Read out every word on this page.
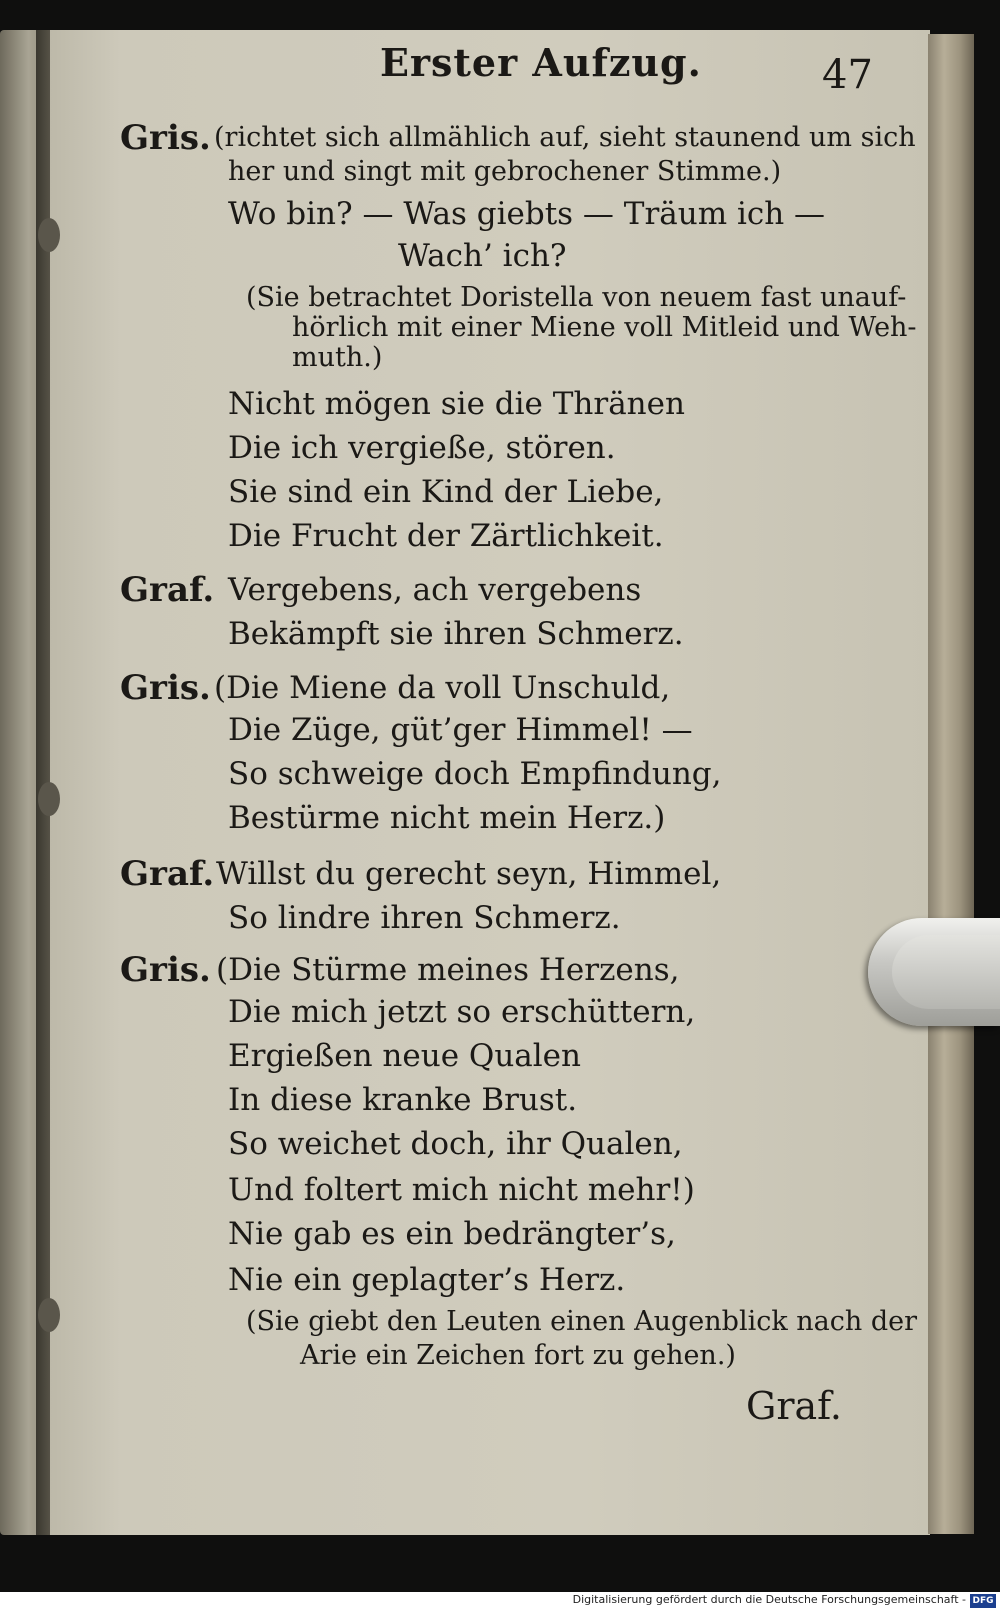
Erster Aufzug.	47
Gris. (richtet sich allmählich auf, sieht staunend um sich
her und singt mit gebrochener Stimme.)
Wo bin? — Was giebts — Träum ich —
Wach’ ich?
(Sie betrachtet Doristella von neuem fast unauf-
hörlich mit einer Miene voll Mitleid und Weh-
muth.)
Nicht mögen sie die Thränen
Die ich vergieße, stören.
Sie sind ein Kind der Liebe,
Die Frucht der Zärtlichkeit.
Graf. Vergebens, ach vergebens
Bekämpft sie ihren Schmerz.
Gris. (Die Miene da voll Unschuld,
Die Züge, güt’ger Himmel! —
So schweige doch Empfindung,
Bestürme nicht mein Herz.)
Graf. Willst du gerecht seyn, Himmel,
So lindre ihren Schmerz.
Gris. (Die Stürme meines Herzens,
Die mich jetzt so erschüttern,
Ergießen neue Qualen
In diese kranke Brust.
So weichet doch, ihr Qualen,
Und foltert mich nicht mehr!)
Nie gab es ein bedrängter’s,
Nie ein geplagter’s Herz.
(Sie giebt den Leuten einen Augenblick nach der
Arie ein Zeichen fort zu gehen.)
Graf.
Digitalisierung gefördert durch die Deutsche Forschungsgemeinschaft - DFG
